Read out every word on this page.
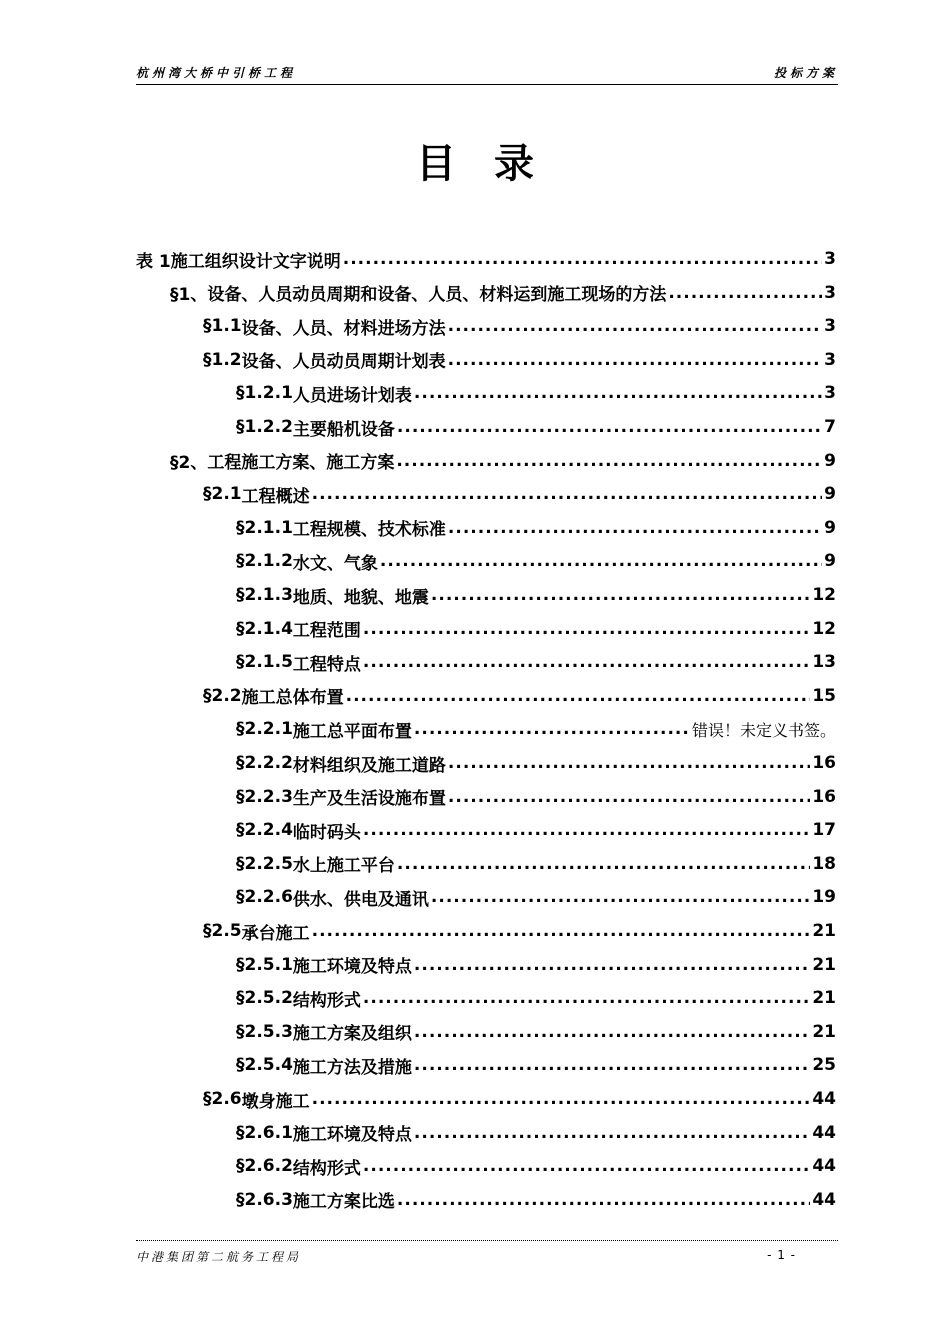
杭州湾大桥中引桥工程	投标方案
目录
表 1 施工组织设计文字说明 .....	3
§1、 设备、人员动员周期和设备、人员、材料运到施工现场的方法 .....	3
§1.1 设备、人员、材料进场方法 .....	3
§1.2 设备、人员动员周期计划表 .....	3
§1.2.1 人员进场计划表 .....	3
§1.2.2 主要船机设备 .....	7
§2、 工程施工方案、施工方案 .....	9
§2.1 工程概述 .....	9
§2.1.1 工程规模、技术标准 .....	9
§2.1.2 水文、气象 .....	9
§2.1.3 地质、地貌、地震 .....	12
§2.1.4 工程范围 .....	12
§2.1.5 工程特点 .....	13
§2.2 施工总体布置 .....	15
§2.2.1 施工总平面布置 .....	错误！未定义书签。
§2.2.2 材料组织及施工道路 .....	16
§2.2.3 生产及生活设施布置 .....	16
§2.2.4 临时码头 .....	17
§2.2.5 水上施工平台 .....	18
§2.2.6 供水、供电及通讯 .....	19
§2.5 承台施工 .....	21
§2.5.1 施工环境及特点 .....	21
§2.5.2 结构形式 .....	21
§2.5.3 施工方案及组织 .....	21
§2.5.4 施工方法及措施 .....	25
§2.6 墩身施工 .....	44
§2.6.1 施工环境及特点 .....	44
§2.6.2 结构形式 .....	44
§2.6.3 施工方案比选 .....	44
中港集团第二航务工程局	- 1 -
